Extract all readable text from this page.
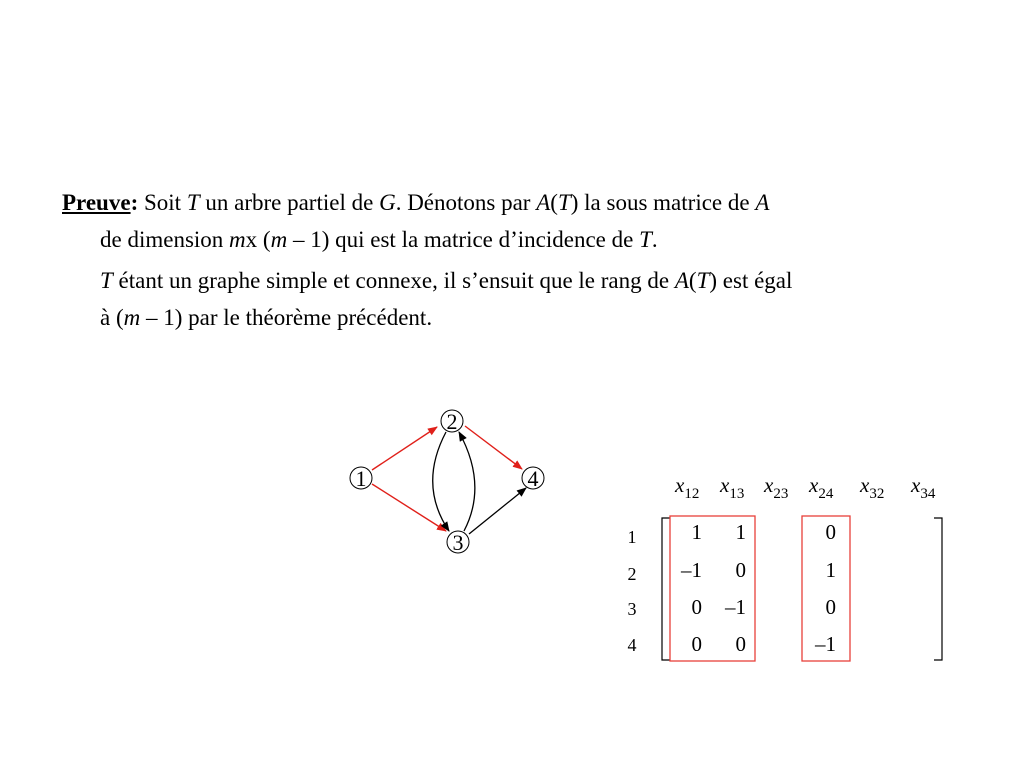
Preuve: Soit T un arbre partiel de G. Dénotons par A(T) la sous matrice de A
de dimension mx (m – 1) qui est la matrice d’incidence de T.
T étant un graphe simple et connexe, il s’ensuit que le rang de A(T) est égal
à (m – 1) par le théorème précédent.
1
2
3
4	$x_{12}$ $x_{13}$ $x_{23}$ $x_{24}$ $x_{32}$ $x_{34}$
1
2
3
4
1
–1
0
0
1
0
–1
0
0
1
0
–1
